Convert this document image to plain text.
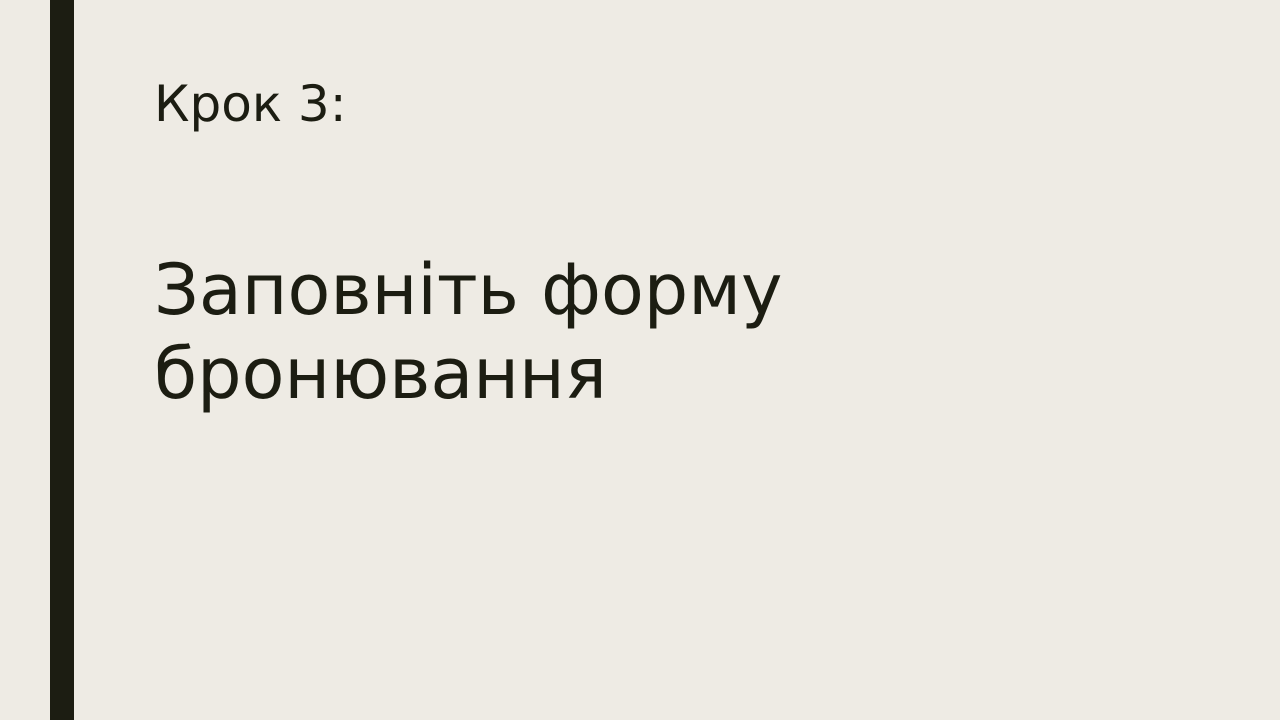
Крок 3:
Заповніть форму
бронювання
